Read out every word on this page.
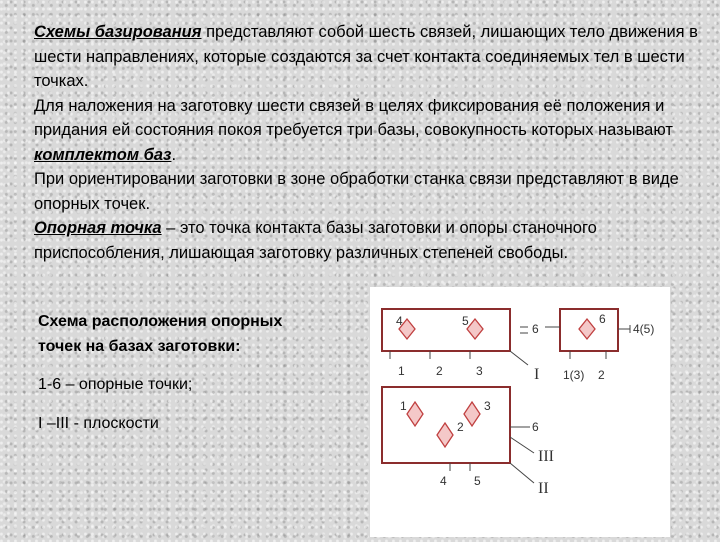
Схемы базирования представляют собой шесть связей, лишающих тело движения в шести направлениях, которые создаются за счет контакта соединяемых тел в шести точках.

Для наложения на заготовку шести связей в целях фиксирования её положения и придания ей состояния покоя требуется три базы, совокупность которых называют комплектом баз.

При ориентировании заготовки в зоне обработки станка связи представляют в виде опорных точек.

Опорная точка – это точка контакта базы заготовки и опоры станочного приспособления, лишающая заготовку различных степеней свободы.

Схема расположения опорных точек на базах заготовки:

1-6 – опорные точки;

I –III - плоскости

4	5
6
6
4(5)
1	2	3	1(3) 2
1	3
2	6
4 5
I
III
II
